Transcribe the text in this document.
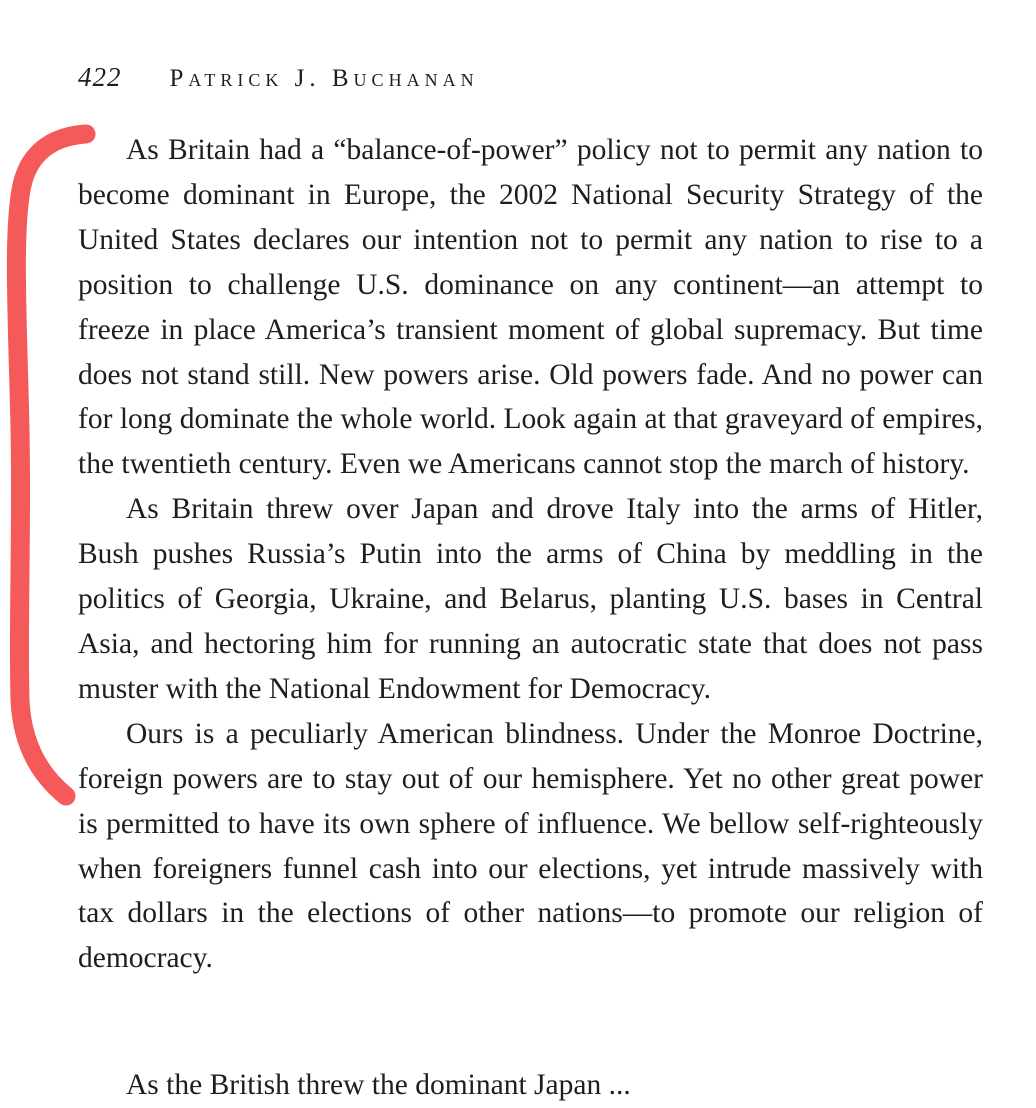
422 Patrick J. Buchanan

As Britain had a “balance-of-power” policy not to permit any nation to become dominant in Europe, the 2002 National Security Strategy of the United States declares our intention not to permit any nation to rise to a position to challenge U.S. dominance on any continent—an attempt to freeze in place America’s transient moment of global supremacy. But time does not stand still. New powers arise. Old powers fade. And no power can for long dominate the whole world. Look again at that graveyard of empires, the twentieth century. Even we Americans cannot stop the march of history.

As Britain threw over Japan and drove Italy into the arms of Hitler, Bush pushes Russia’s Putin into the arms of China by meddling in the politics of Georgia, Ukraine, and Belarus, planting U.S. bases in Central Asia, and hectoring him for running an autocratic state that does not pass muster with the National Endowment for Democracy.

Ours is a peculiarly American blindness. Under the Monroe Doctrine, foreign powers are to stay out of our hemisphere. Yet no other great power is permitted to have its own sphere of influence. We bellow self-righteously when foreigners funnel cash into our elections, yet intrude massively with tax dollars in the elections of other nations—to promote our religion of democracy.

As the British threw the dominant Japan ...
